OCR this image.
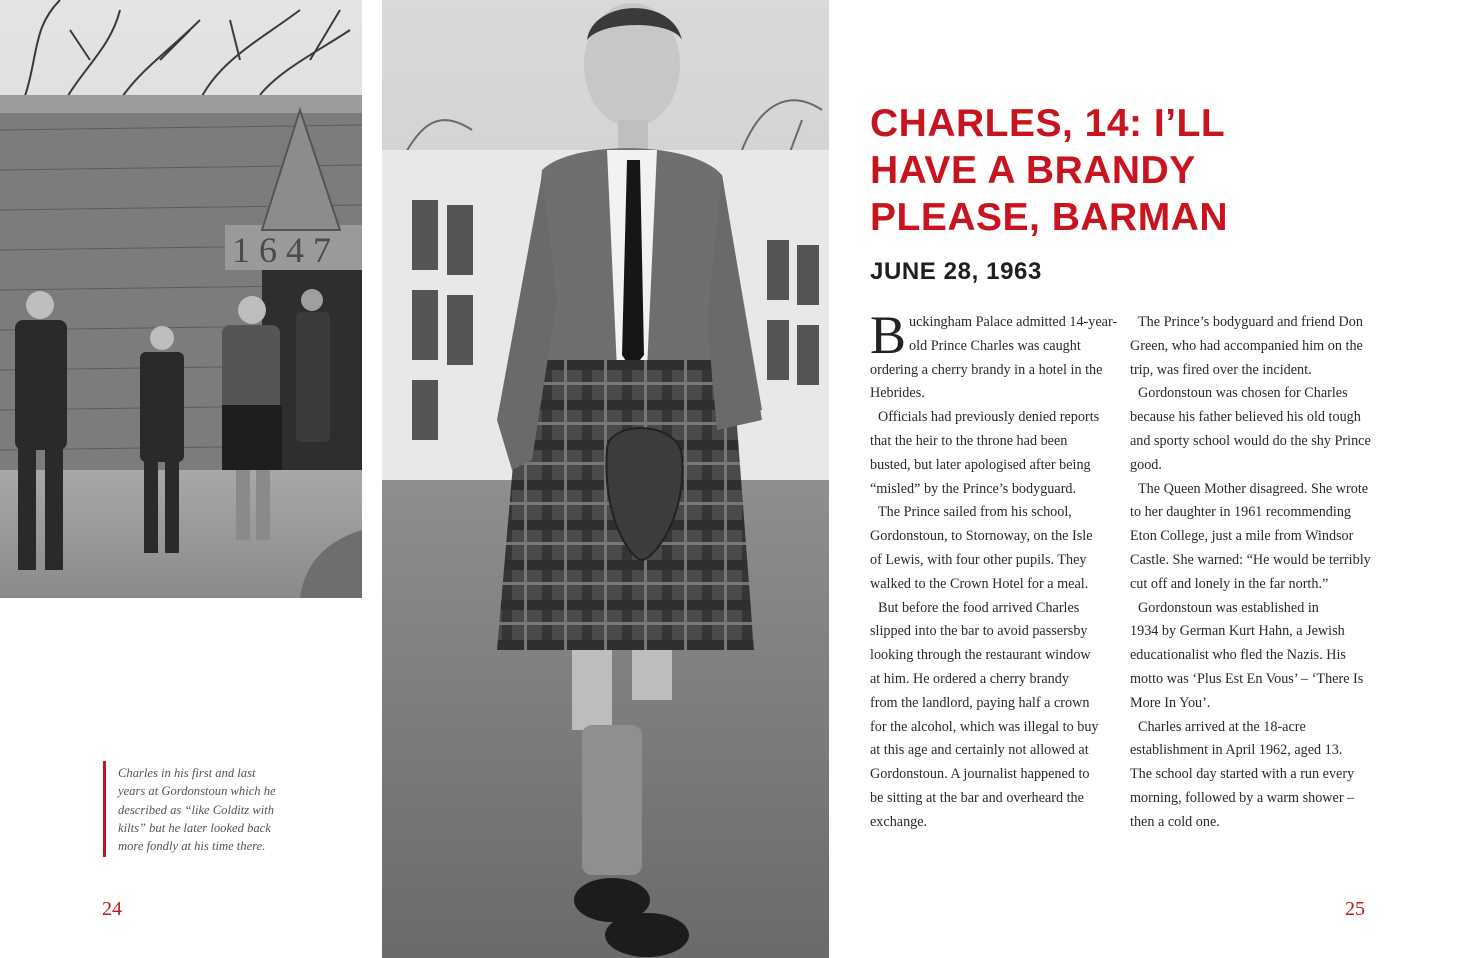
1 6 4 7
Charles in his first and last
years at Gordonstoun which he
described as “like Colditz with
kilts” but he later looked back
more fondly at his time there.
24
CHARLES, 14: I’LL
HAVE A BRANDY
PLEASE, BARMAN
JUNE 28, 1963
B uckingham Palace admitted 14-year-
old Prince Charles was caught
ordering a cherry brandy in a hotel in the
Hebrides.
Officials had previously denied reports
that the heir to the throne had been
busted, but later apologised after being
“misled” by the Prince’s bodyguard.
The Prince sailed from his school,
Gordonstoun, to Stornoway, on the Isle
of Lewis, with four other pupils. They
walked to the Crown Hotel for a meal.
But before the food arrived Charles
slipped into the bar to avoid passersby
looking through the restaurant window
at him. He ordered a cherry brandy
from the landlord, paying half a crown
for the alcohol, which was illegal to buy
at this age and certainly not allowed at
Gordonstoun. A journalist happened to
be sitting at the bar and overheard the
exchange.
The Prince’s bodyguard and friend Don
Green, who had accompanied him on the
trip, was fired over the incident.
Gordonstoun was chosen for Charles
because his father believed his old tough
and sporty school would do the shy Prince
good.
The Queen Mother disagreed. She wrote
to her daughter in 1961 recommending
Eton College, just a mile from Windsor
Castle. She warned: “He would be terribly
cut off and lonely in the far north.”
Gordonstoun was established in
1934 by German Kurt Hahn, a Jewish
educationalist who fled the Nazis. His
motto was ‘Plus Est En Vous’ – ‘There Is
More In You’.
Charles arrived at the 18-acre
establishment in April 1962, aged 13.
The school day started with a run every
morning, followed by a warm shower –
then a cold one.
25
